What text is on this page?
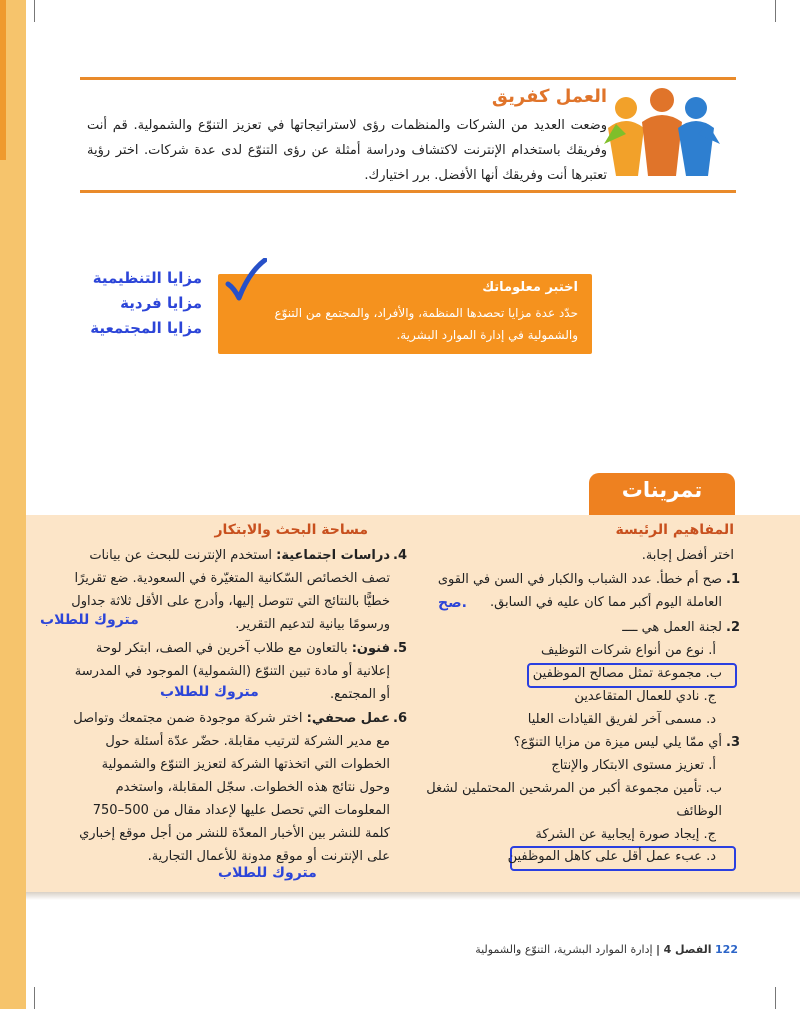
العمل كفريق
وضعت العديد من الشركات والمنظمات رؤى لاستراتيجاتها في تعزيز التنوّع والشمولية. قم أنت وفريقك باستخدام الإنترنت لاكتشاف ودراسة أمثلة عن رؤى التنوّع لدى عدة شركات. اختر رؤية تعتبرها أنت وفريقك أنها الأفضل. برر اختيارك.
اختبر معلوماتك
حدّد عدة مزايا تحصدها المنظمة، والأفراد، والمجتمع من التنوّع والشمولية في إدارة الموارد البشرية.
مزايا التنظيمية
مزايا فردية
مزايا المجتمعية
تمرينات
المفاهيم الرئيسة
اختر أفضل إجابة.
1.
صح أم خطأ. عدد الشباب والكبار في السن في القوى العاملة اليوم أكبر مما كان عليه في السابق.
صح.
2.
لجنة العمل هي ــــ
أ. نوع من أنواع شركات التوظيف
ب. مجموعة تمثل مصالح الموظفين
ج. نادي للعمال المتقاعدين
د. مسمى آخر لفريق القيادات العليا
3.
أي ممّا يلي ليس ميزة من مزايا التنوّع؟
أ. تعزيز مستوى الابتكار والإنتاج
ب. تأمين مجموعة أكبر من المرشحين المحتملين لشغل الوظائف
ج. إيجاد صورة إيجابية عن الشركة
د. عبء عمل أقل على كاهل الموظفين
مساحة البحث والابتكار
4.
دراسات اجتماعية: استخدم الإنترنت للبحث عن بيانات تصف الخصائص السّكانية المتغيّرة في السعودية. ضع تقريرًا خطيًّا بالنتائج التي تتوصل إليها، وأدرج على الأقل ثلاثة جداول ورسومًا بيانية لتدعيم التقرير.
متروك للطلاب
5.
فنون: بالتعاون مع طلاب آخرين في الصف، ابتكر لوحة إعلانية أو مادة تبين التنوّع (الشمولية) الموجود في المدرسة أو المجتمع.
متروك للطلاب
6.
عمل صحفي: اختر شركة موجودة ضمن مجتمعك وتواصل مع مدير الشركة لترتيب مقابلة. حضّر عدّة أسئلة حول الخطوات التي اتخذتها الشركة لتعزيز التنوّع والشمولية وحول نتائج هذه الخطوات. سجّل المقابلة، واستخدم المعلومات التي تحصل عليها لإعداد مقال من 500–750 كلمة للنشر بين الأخبار المعدّة للنشر من أجل موقع إخباري على الإنترنت أو موقع مدونة للأعمال التجارية.
متروك للطلاب
122 الفصل 4 | إدارة الموارد البشرية، التنوّع والشمولية
